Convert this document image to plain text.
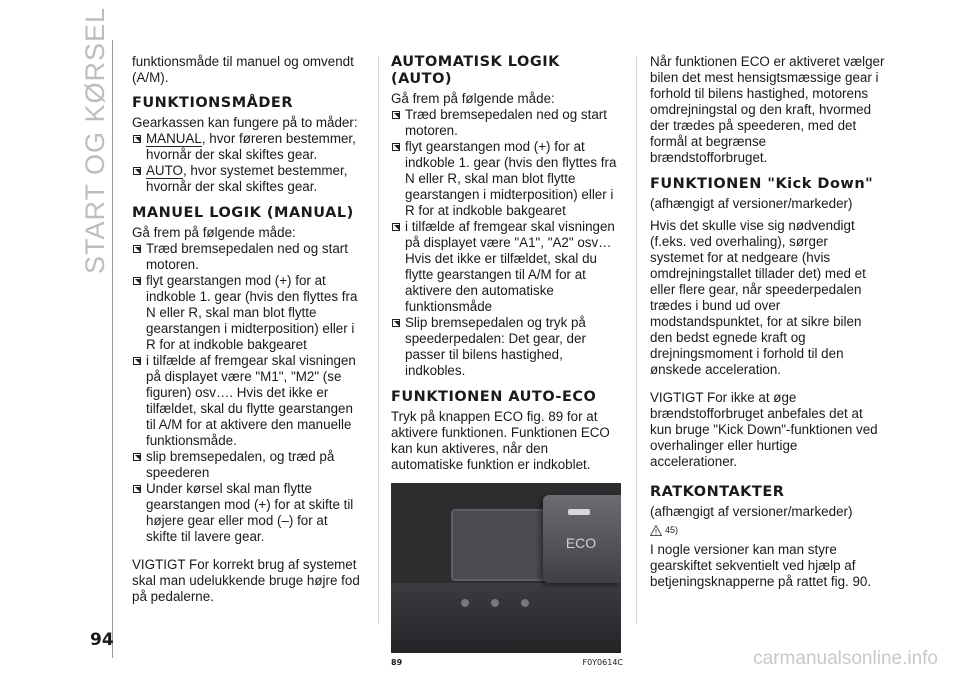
START OG KØRSEL
94

funktionsmåde til manuel og omvendt (A/M).

FUNKTIONSMÅDER

Gearkassen kan fungere på to måder:

MANUAL, hvor føreren bestemmer, hvornår der skal skiftes gear.

AUTO, hvor systemet bestemmer, hvornår der skal skiftes gear.

MANUEL LOGIK (MANUAL)

Gå frem på følgende måde:

Træd bremsepedalen ned og start motoren.

flyt gearstangen mod (+) for at indkoble 1. gear (hvis den flyttes fra N eller R, skal man blot flytte gearstangen i midterposition) eller i R for at indkoble bakgearet

i tilfælde af fremgear skal visningen på displayet være "M1", "M2" (se figuren) osv…. Hvis det ikke er tilfældet, skal du flytte gearstangen til A/M for at aktivere den manuelle funktionsmåde.

slip bremsepedalen, og træd på speederen

Under kørsel skal man flytte gearstangen mod (+) for at skifte til højere gear eller mod (–) for at skifte til lavere gear.

VIGTIGT For korrekt brug af systemet skal man udelukkende bruge højre fod på pedalerne.

AUTOMATISK LOGIK (AUTO)

Gå frem på følgende måde:

Træd bremsepedalen ned og start motoren.

flyt gearstangen mod (+) for at indkoble 1. gear (hvis den flyttes fra N eller R, skal man blot flytte gearstangen i midterposition) eller i R for at indkoble bakgearet

i tilfælde af fremgear skal visningen på displayet være "A1", "A2" osv… Hvis det ikke er tilfældet, skal du flytte gearstangen til A/M for at aktivere den automatiske funktionsmåde

Slip bremsepedalen og tryk på speederpedalen: Det gear, der passer til bilens hastighed, indkobles.

FUNKTIONEN AUTO-ECO

Tryk på knappen ECO fig. 89 for at aktivere funktionen. Funktionen ECO kan kun aktiveres, når den automatiske funktion er indkoblet.

ECO
89	F0Y0614C

Når funktionen ECO er aktiveret vælger bilen det mest hensigtsmæssige gear i forhold til bilens hastighed, motorens omdrejningstal og den kraft, hvormed der trædes på speederen, med det formål at begrænse brændstofforbruget.

FUNKTIONEN "Kick Down"

(afhængigt af versioner/markeder)

Hvis det skulle vise sig nødvendigt (f.eks. ved overhaling), sørger systemet for at nedgeare (hvis omdrejningstallet tillader det) med et eller flere gear, når speederpedalen trædes i bund ud over modstandspunktet, for at sikre bilen den bedst egnede kraft og drejningsmoment i forhold til den ønskede acceleration.

VIGTIGT For ikke at øge brændstofforbruget anbefales det at kun bruge "Kick Down"-funktionen ved overhalinger eller hurtige accelerationer.

RATKONTAKTER

(afhængigt af versioner/markeder)

45)

I nogle versioner kan man styre gearskiftet sekventielt ved hjælp af betjeningsknapperne på rattet fig. 90.

carmanualsonline.info
